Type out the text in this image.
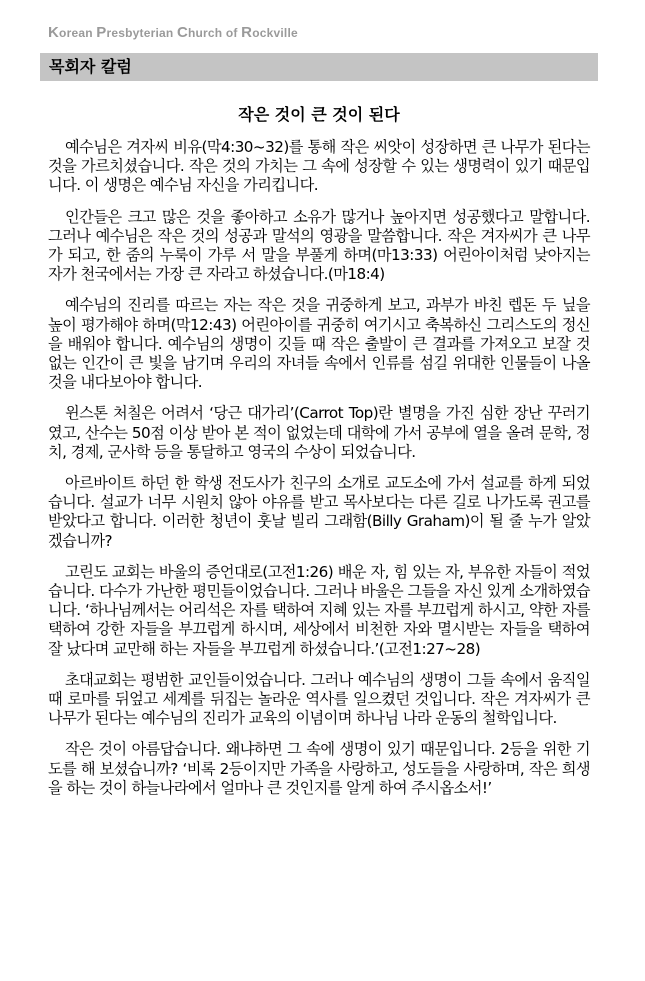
Korean Presbyterian Church of Rockville
목회자 칼럼
작은 것이 큰 것이 된다

예수님은 겨자씨 비유(막4:30~32)를 통해 작은 씨앗이 성장하면 큰 나무가 된다는 것을 가르치셨습니다. 작은 것의 가치는 그 속에 성장할 수 있는 생명력이 있기 때문입니다. 이 생명은 예수님 자신을 가리킵니다.

인간들은 크고 많은 것을 좋아하고 소유가 많거나 높아지면 성공했다고 말합니다. 그러나 예수님은 작은 것의 성공과 말석의 영광을 말씀합니다. 작은 겨자씨가 큰 나무가 되고, 한 줌의 누룩이 가루 서 말을 부풀게 하며(마13:33) 어린아이처럼 낮아지는 자가 천국에서는 가장 큰 자라고 하셨습니다.(마18:4)

예수님의 진리를 따르는 자는 작은 것을 귀중하게 보고, 과부가 바친 렙돈 두 닢을 높이 평가해야 하며(막12:43) 어린아이를 귀중히 여기시고 축복하신 그리스도의 정신을 배워야 합니다. 예수님의 생명이 깃들 때 작은 출발이 큰 결과를 가져오고 보잘 것 없는 인간이 큰 빛을 남기며 우리의 자녀들 속에서 인류를 섬길 위대한 인물들이 나올 것을 내다보아야 합니다.

윈스톤 처칠은 어려서 ‘당근 대가리’(Carrot Top)란 별명을 가진 심한 장난 꾸러기였고, 산수는 50점 이상 받아 본 적이 없었는데 대학에 가서 공부에 열을 올려 문학, 정치, 경제, 군사학 등을 통달하고 영국의 수상이 되었습니다.

아르바이트 하던 한 학생 전도사가 친구의 소개로 교도소에 가서 설교를 하게 되었습니다. 설교가 너무 시원치 않아 야유를 받고 목사보다는 다른 길로 나가도록 권고를 받았다고 합니다. 이러한 청년이 훗날 빌리 그래함(Billy Graham)이 될 줄 누가 알았겠습니까?

고린도 교회는 바울의 증언대로(고전1:26) 배운 자, 힘 있는 자, 부유한 자들이 적었습니다. 다수가 가난한 평민들이었습니다. 그러나 바울은 그들을 자신 있게 소개하였습니다. ‘하나님께서는 어리석은 자를 택하여 지혜 있는 자를 부끄럽게 하시고, 약한 자를 택하여 강한 자들을 부끄럽게 하시며, 세상에서 비천한 자와 멸시받는 자들을 택하여 잘 났다며 교만해 하는 자들을 부끄럽게 하셨습니다.’(고전1:27~28)

초대교회는 평범한 교인들이었습니다. 그러나 예수님의 생명이 그들 속에서 움직일 때 로마를 뒤엎고 세계를 뒤집는 놀라운 역사를 일으켰던 것입니다. 작은 겨자씨가 큰 나무가 된다는 예수님의 진리가 교육의 이념이며 하나님 나라 운동의 철학입니다.

작은 것이 아름답습니다. 왜냐하면 그 속에 생명이 있기 때문입니다. 2등을 위한 기도를 해 보셨습니까? ‘비록 2등이지만 가족을 사랑하고, 성도들을 사랑하며, 작은 희생을 하는 것이 하늘나라에서 얼마나 큰 것인지를 알게 하여 주시옵소서!’
